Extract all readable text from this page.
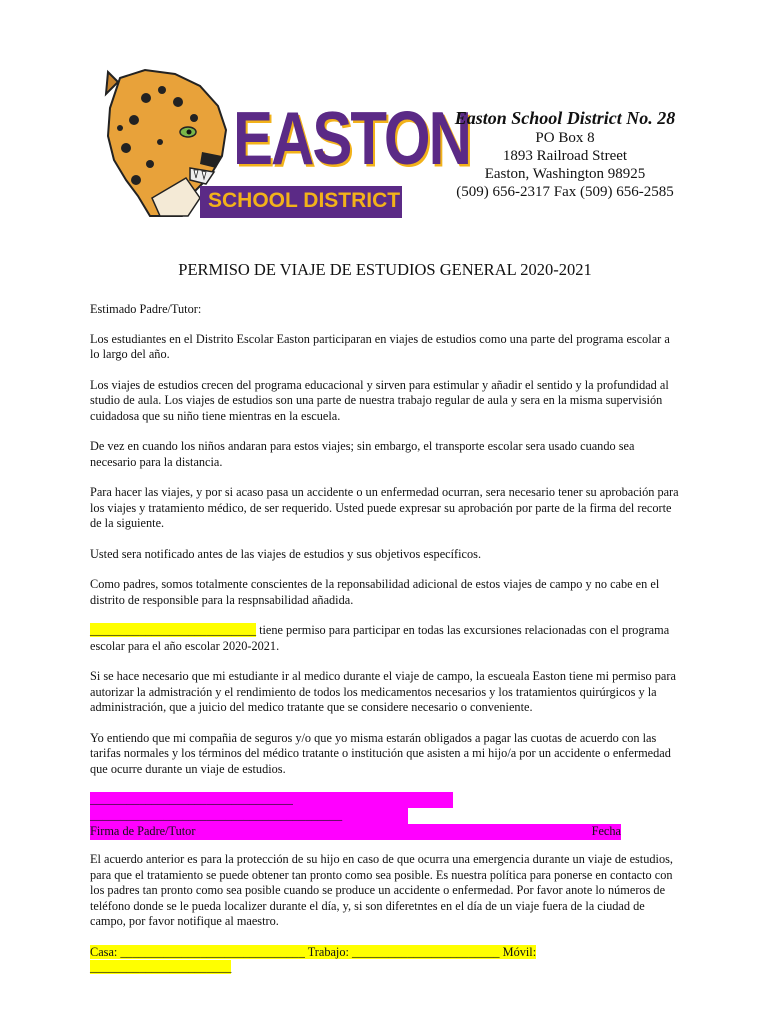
EASTON
SCHOOL DISTRICT
Easton School District No. 28
PO Box 8
1893 Railroad Street
Easton, Washington 98925
(509) 656-2317 Fax (509) 656-2585
PERMISO DE VIAJE DE ESTUDIOS GENERAL 2020-2021

Estimado Padre/Tutor:

Los estudiantes en el Distrito Escolar Easton participaran en viajes de estudios como una parte del programa escolar a lo largo del año.

Los viajes de estudios crecen del programa educacional y sirven para estimular y añadir el sentido y la profundidad al studio de aula. Los viajes de estudios son una parte de nuestra trabajo regular de aula y sera en la misma supervisión cuidadosa que su niño tiene mientras en la escuela.

De vez en cuando los niños andaran para estos viajes; sin embargo, el transporte escolar sera usado cuando sea necesario para la distancia.

Para hacer las viajes, y por si acaso pasa un accidente o un enfermedad ocurran, sera necesario tener su aprobación para los viajes y tratamiento médico, de ser requerido. Usted puede expresar su aprobación por parte de la firma del recorte de la siguiente.

Usted sera notificado antes de las viajes de estudios y sus objetivos específicos.

Como padres, somos totalmente conscientes de la reponsabilidad adicional de estos viajes de campo y no cabe en el distrito de responsible para la respnsabilidad añadida.

___________________________ tiene permiso para participar en todas las excursiones relacionadas con el programa escolar para el año escolar 2020-2021.

Si se hace necesario que mi estudiante ir al medico durante el viaje de campo, la escueala Easton tiene mi permiso para autorizar la admistración y el rendimiento de todos los medicamentos necesarios y los tratamientos quirúrgicos y la administración, que a juicio del medico tratante que se considere necesario o conveniente.

Yo entiendo que mi compañia de seguros y/o que yo misma estarán obligados a pagar las cuotas de acuerdo con las tarifas normales y los términos del médico tratante o institución que asisten a mi hijo/a por un accidente o enfermedad que ocurre durante un viaje de estudios.

_________________________________
_________________________________________
Firma de Padre/Tutor	Fecha

El acuerdo anterior es para la protección de su hijo en caso de que ocurra una emergencia durante un viaje de estudios, para que el tratamiento se puede obtener tan pronto como sea posible. Es nuestra política para ponerse en contacto con los padres tan pronto como sea posible cuando se produce un accidente o enfermedad. Por favor anote lo números de teléfono donde se le pueda localizer durante el día, y, si son diferetntes en el día de un viaje fuera de la ciudad de campo, por favor notifique al maestro.

Casa: ______________________________ Trabajo: ________________________ Móvil:
_______________________
